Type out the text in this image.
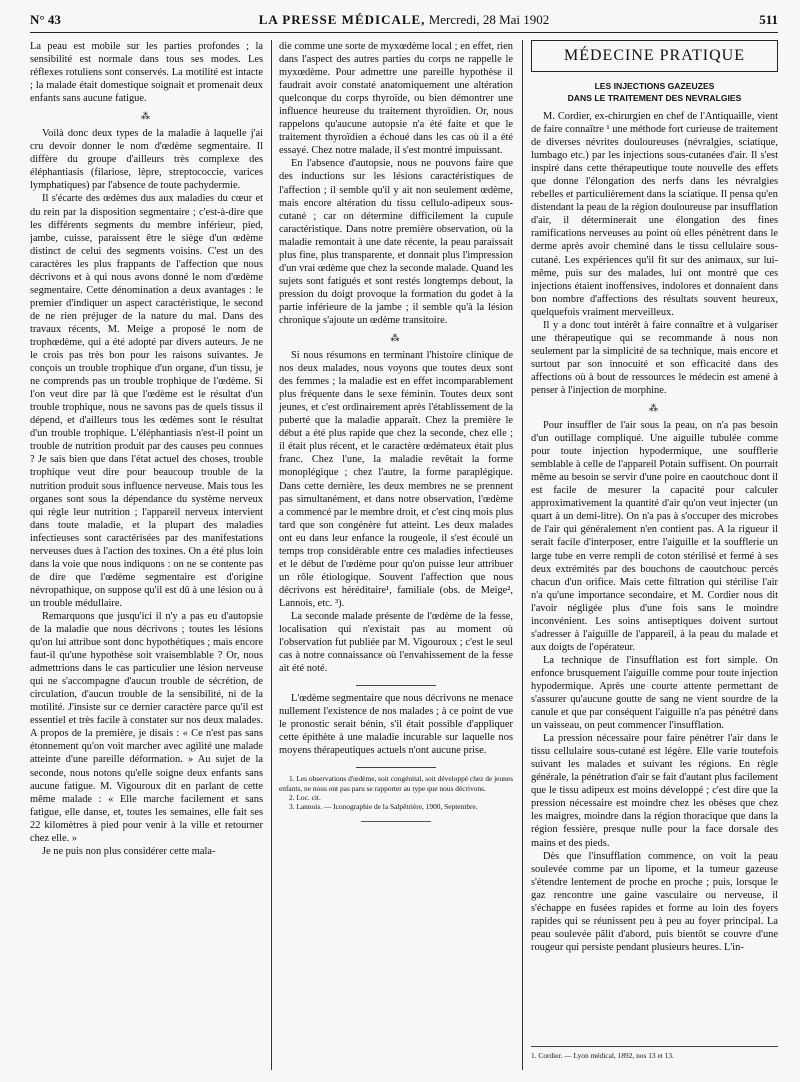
N° 43	LA PRESSE MÉDICALE, Mercredi, 28 Mai 1902	511

La peau est mobile sur les parties profondes ; la sensibilité est normale dans tous ses modes. Les réflexes rotuliens sont conservés. La motilité est intacte ; la malade était domestique soignait et promenait deux enfants sans aucune fatigue.

⁂

Voilà donc deux types de la maladie à laquelle j'ai cru devoir donner le nom d'œdème segmentaire. Il diffère du groupe d'ailleurs très complexe des éléphantiasis (filariose, lèpre, streptococcie, varices lymphatiques) par l'absence de toute pachydermie.

Il s'écarte des œdèmes dus aux maladies du cœur et du rein par la disposition segmentaire ; c'est-à-dire que les différents segments du membre inférieur, pied, jambe, cuisse, paraissent être le siège d'un œdème distinct de celui des segments voisins. C'est un des caractères les plus frappants de l'affection que nous décrivons et à qui nous avons donné le nom d'œdème segmentaire. Cette dénomination a deux avantages : le premier d'indiquer un aspect caractéristique, le second de ne rien préjuger de la nature du mal. Dans des travaux récents, M. Meige a proposé le nom de trophœdème, qui a été adopté par divers auteurs. Je ne le crois pas très bon pour les raisons suivantes. Je conçois un trouble trophique d'un organe, d'un tissu, je ne comprends pas un trouble trophique de l'œdème. Si l'on veut dire par là que l'œdème est le résultat d'un trouble trophique, nous ne savons pas de quels tissus il dépend, et d'ailleurs tous les œdèmes sont le résultat d'un trouble trophique. L'éléphantiasis n'est-il point un trouble de nutrition produit par des causes peu connues ? Je sais bien que dans l'état actuel des choses, trouble trophique veut dire pour beaucoup trouble de la nutrition produit sous influence nerveuse. Mais tous les organes sont sous la dépendance du système nerveux qui règle leur nutrition ; l'appareil nerveux intervient dans toute maladie, et la plupart des maladies infectieuses sont caractérisées par des manifestations nerveuses dues à l'action des toxines. On a été plus loin dans la voie que nous indiquons : on ne se contente pas de dire que l'œdème segmentaire est d'origine névropathique, on suppose qu'il est dû à une lésion ou à un trouble médullaire.

Remarquons que jusqu'ici il n'y a pas eu d'autopsie de la maladie que nous décrivons ; toutes les lésions qu'on lui attribue sont donc hypothétiques ; mais encore faut-il qu'une hypothèse soit vraisemblable ? Or, nous admettrions dans le cas particulier une lésion nerveuse qui ne s'accompagne d'aucun trouble de sécrétion, de circulation, d'aucun trouble de la sensibilité, ni de la motilité. J'insiste sur ce dernier caractère parce qu'il est essentiel et très facile à constater sur nos deux malades. A propos de la première, je disais : « Ce n'est pas sans étonnement qu'on voit marcher avec agilité une malade atteinte d'une pareille déformation. » Au sujet de la seconde, nous notons qu'elle soigne deux enfants sans aucune fatigue. M. Vigouroux dit en parlant de cette même malade : « Elle marche facilement et sans fatigue, elle danse, et, toutes les semaines, elle fait ses 22 kilomètres à pied pour venir à la ville et retourner chez elle. »

Je ne puis non plus considérer cette mala-

die comme une sorte de myxœdème local ; en effet, rien dans l'aspect des autres parties du corps ne rappelle le myxœdème. Pour admettre une pareille hypothèse il faudrait avoir constaté anatomiquement une altération quelconque du corps thyroïde, ou bien démontrer une influence heureuse du traitement thyroïdien. Or, nous rappelons qu'aucune autopsie n'a été faite et que le traitement thyroïdien a échoué dans les cas où il a été essayé. Chez notre malade, il s'est montré impuissant.

En l'absence d'autopsie, nous ne pouvons faire que des inductions sur les lésions caractéristiques de l'affection ; il semble qu'il y ait non seulement œdème, mais encore altération du tissu cellulo-adipeux sous-cutané ; car on détermine difficilement la cupule caractéristique. Dans notre première observation, où la maladie remontait à une date récente, la peau paraissait plus fine, plus transparente, et donnait plus l'impression d'un vrai œdème que chez la seconde malade. Quand les sujets sont fatigués et sont restés longtemps debout, la pression du doigt provoque la formation du godet à la partie inférieure de la jambe ; il semble qu'à la lésion chronique s'ajoute un œdème transitoire.

⁂

Si nous résumons en terminant l'histoire clinique de nos deux malades, nous voyons que toutes deux sont des femmes ; la maladie est en effet incomparablement plus fréquente dans le sexe féminin. Toutes deux sont jeunes, et c'est ordinairement après l'établissement de la puberté que la maladie apparaît. Chez la première le début a été plus rapide que chez la seconde, chez elle ; il était plus récent, et le caractère œdémateux était plus franc. Chez l'une, la maladie revêtait la forme monoplégique ; chez l'autre, la forme paraplégique. Dans cette dernière, les deux membres ne se prennent pas simultanément, et dans notre observation, l'œdème a commencé par le membre droit, et c'est cinq mois plus tard que son congénère fut atteint. Les deux malades ont eu dans leur enfance la rougeole, il s'est écoulé un temps trop considérable entre ces maladies infectieuses et le début de l'œdème pour qu'on puisse leur attribuer un rôle étiologique. Souvent l'affection que nous décrivons est héréditaire¹, familiale (obs. de Meige², Lannois, etc. ³).

La seconde malade présente de l'œdème de la fesse, localisation qui n'existait pas au moment où l'observation fut publiée par M. Vigouroux ; c'est le seul cas à notre connaissance où l'envahissement de la fesse ait été noté.

L'œdème segmentaire que nous décrivons ne menace nullement l'existence de nos malades ; à ce point de vue le pronostic serait bénin, s'il était possible d'appliquer cette épithète à une maladie incurable sur laquelle nos moyens thérapeutiques actuels n'ont aucune prise.

1. Les observations d'œdème, soit congénital, soit développé chez de jeunes enfants, ne nous ont pas paru se rapporter au type que nous décrivons.

2. Loc. cit.

3. Lannois. — Iconographie de la Salpêtrière, 1900, Septembre.

MÉDECINE PRATIQUE
LES INJECTIONS GAZEUZES
DANS LE TRAITEMENT DES NEVRALGIES

M. Cordier, ex-chirurgien en chef de l'Antiquaille, vient de faire connaître ¹ une méthode fort curieuse de traitement de diverses névrites douloureuses (névralgies, sciatique, lumbago etc.) par les injections sous-cutanées d'air. Il s'est inspiré dans cette thérapeutique toute nouvelle des effets que donne l'élongation des nerfs dans les névralgies rebelles et particulièrement dans la sciatique. Il pensa qu'en distendant la peau de la région douloureuse par insufflation d'air, il déterminerait une élongation des fines ramifications nerveuses au point où elles pénètrent dans le derme après avoir cheminé dans le tissu cellulaire sous-cutané. Les expériences qu'il fit sur des animaux, sur lui-même, puis sur des malades, lui ont montré que ces injections étaient inoffensives, indolores et donnaient dans bon nombre d'affections des résultats souvent heureux, quelquefois vraiment merveilleux.

Il y a donc tout intérêt à faire connaître et à vulgariser une thérapeutique qui se recommande à nous non seulement par la simplicité de sa technique, mais encore et surtout par son innocuité et son efficacité dans des affections où à bout de ressources le médecin est amené à penser à l'injection de morphine.

⁂

Pour insuffler de l'air sous la peau, on n'a pas besoin d'un outillage compliqué. Une aiguille tubulée comme pour toute injection hypodermique, une soufflerie semblable à celle de l'appareil Potain suffisent. On pourrait même au besoin se servir d'une poire en caoutchouc dont il est facile de mesurer la capacité pour calculer approximativement la quantité d'air qu'on veut injecter (un quart à un demi-litre). On n'a pas à s'occuper des microbes de l'air qui généralement n'en contient pas. A la rigueur il serait facile d'interposer, entre l'aiguille et la soufflerie un large tube en verre rempli de coton stérilisé et fermé à ses deux extrémités par des bouchons de caoutchouc percés chacun d'un orifice. Mais cette filtration qui stérilise l'air n'a qu'une importance secondaire, et M. Cordier nous dit l'avoir négligée plus d'une fois sans le moindre inconvénient. Les soins antiseptiques doivent surtout s'adresser à l'aiguille de l'appareil, à la peau du malade et aux doigts de l'opérateur.

La technique de l'insufflation est fort simple. On enfonce brusquement l'aiguille comme pour toute injection hypodermique. Après une courte attente permettant de s'assurer qu'aucune goutte de sang ne vient sourdre de la canule et que par conséquent l'aiguille n'a pas pénétré dans un vaisseau, on peut commencer l'insufflation.

La pression nécessaire pour faire pénétrer l'air dans le tissu cellulaire sous-cutané est légère. Elle varie toutefois suivant les malades et suivant les régions. En règle générale, la pénétration d'air se fait d'autant plus facilement que le tissu adipeux est moins développé ; c'est dire que la pression nécessaire est moindre chez les obèses que chez les maigres, moindre dans la région thoracique que dans la région fessière, presque nulle pour la face dorsale des mains et des pieds.

Dès que l'insufflation commence, on voit la peau soulevée comme par un lipome, et la tumeur gazeuse s'étendre lentement de proche en proche ; puis, lorsque le gaz rencontre une gaine vasculaire ou nerveuse, il s'échappe en fusées rapides et forme au loin des foyers rapides qui se réunissent peu à peu au foyer principal. La peau soulevée pâlit d'abord, puis bientôt se couvre d'une rougeur qui persiste pendant plusieurs heures. L'in-

1. Cordier. — Lyon médical, 1892, nos 13 et 13.
